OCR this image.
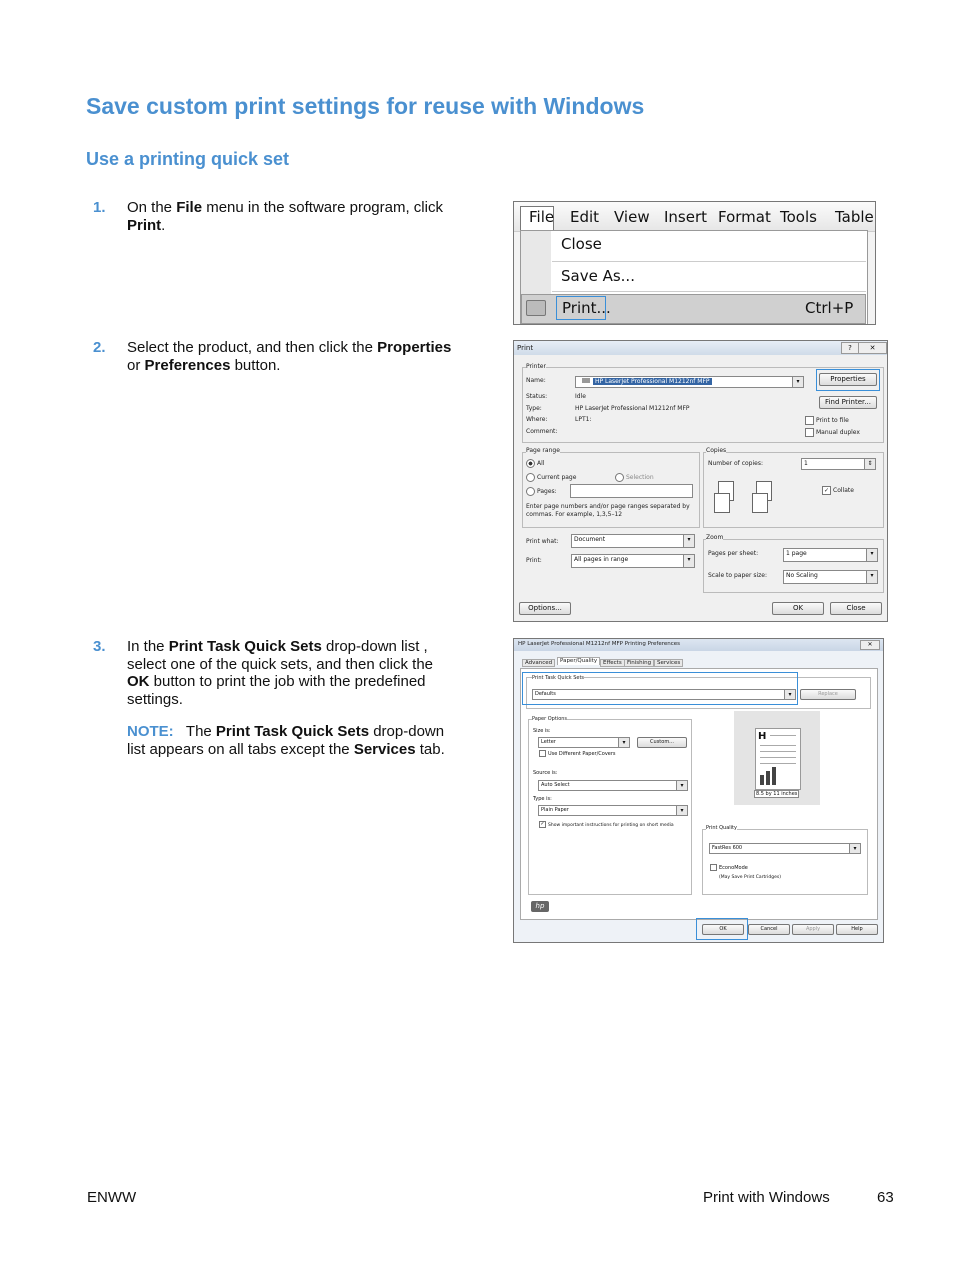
Save custom print settings for reuse with Windows
Use a printing quick set
1. On the File menu in the software program, click Print.
2. Select the product, and then click the Properties or Preferences button.
3. In the Print Task Quick Sets drop-down list , select one of the quick sets, and then click the OK button to print the job with the predefined settings.
NOTE: The Print Task Quick Sets drop-down list appears on all tabs except the Services tab.
File Edit View Insert Format Tools Table
Close
Save As...
Print...	Ctrl+P
Print	?	✕
Printer
Name:	HP LaserJet Professional M1212nf MFP	▾	Properties
Status:	Idle
Type:	HP LaserJet Professional M1212nf MFP
Where:	LPT1:
Comment:
Find Printer...
Print to file
Manual duplex
Page range
All
Current page	Selection
Pages:
Enter page numbers and/or page ranges separated by commas. For example, 1,3,5–12
Copies
Number of copies:	1	⇕
✓ Collate
Print what:	Document	▾
Print:	All pages in range	▾
Zoom
Pages per sheet:	1 page	▾
Scale to paper size:	No Scaling	▾
Options...	OK	Close
HP LaserJet Professional M1212nf MFP Printing Preferences	✕
Advanced	Paper/Quality	Effects Finishing	Services
Print Task Quick Sets
Defaults	▾	Replace
Paper Options
Size is:
Letter	▾	Custom...
Use Different Paper/Covers
Source is:
Auto Select	▾
Type is:
Plain Paper	▾
✓ Show important instructions for printing on short media
H
8.5 by 11 inches
Print Quality
FastRes 600	▾
EconoMode
(May Save Print Cartridges)
hp
OK	Cancel	Apply	Help
ENWW	Print with Windows	63
